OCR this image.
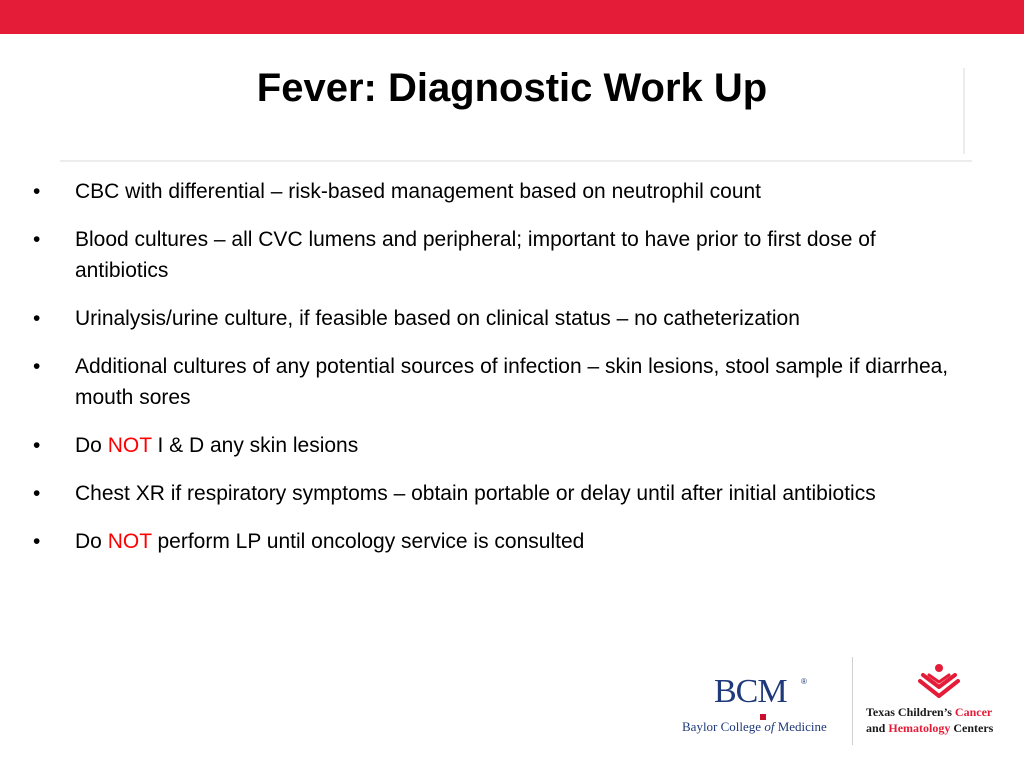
Fever: Diagnostic Work Up
• CBC with differential – risk-based management based on neutrophil count
• Blood cultures – all CVC lumens and peripheral; important to have prior to first dose of antibiotics
• Urinalysis/urine culture, if feasible based on clinical status – no catheterization
• Additional cultures of any potential sources of infection – skin lesions, stool sample if diarrhea, mouth sores
• Do NOT I & D any skin lesions
• Chest XR if respiratory symptoms – obtain portable or delay until after initial antibiotics
• Do NOT perform LP until oncology service is consulted
BCM ®
Baylor College of Medicine
Texas Children’s Cancer
and Hematology Centers
